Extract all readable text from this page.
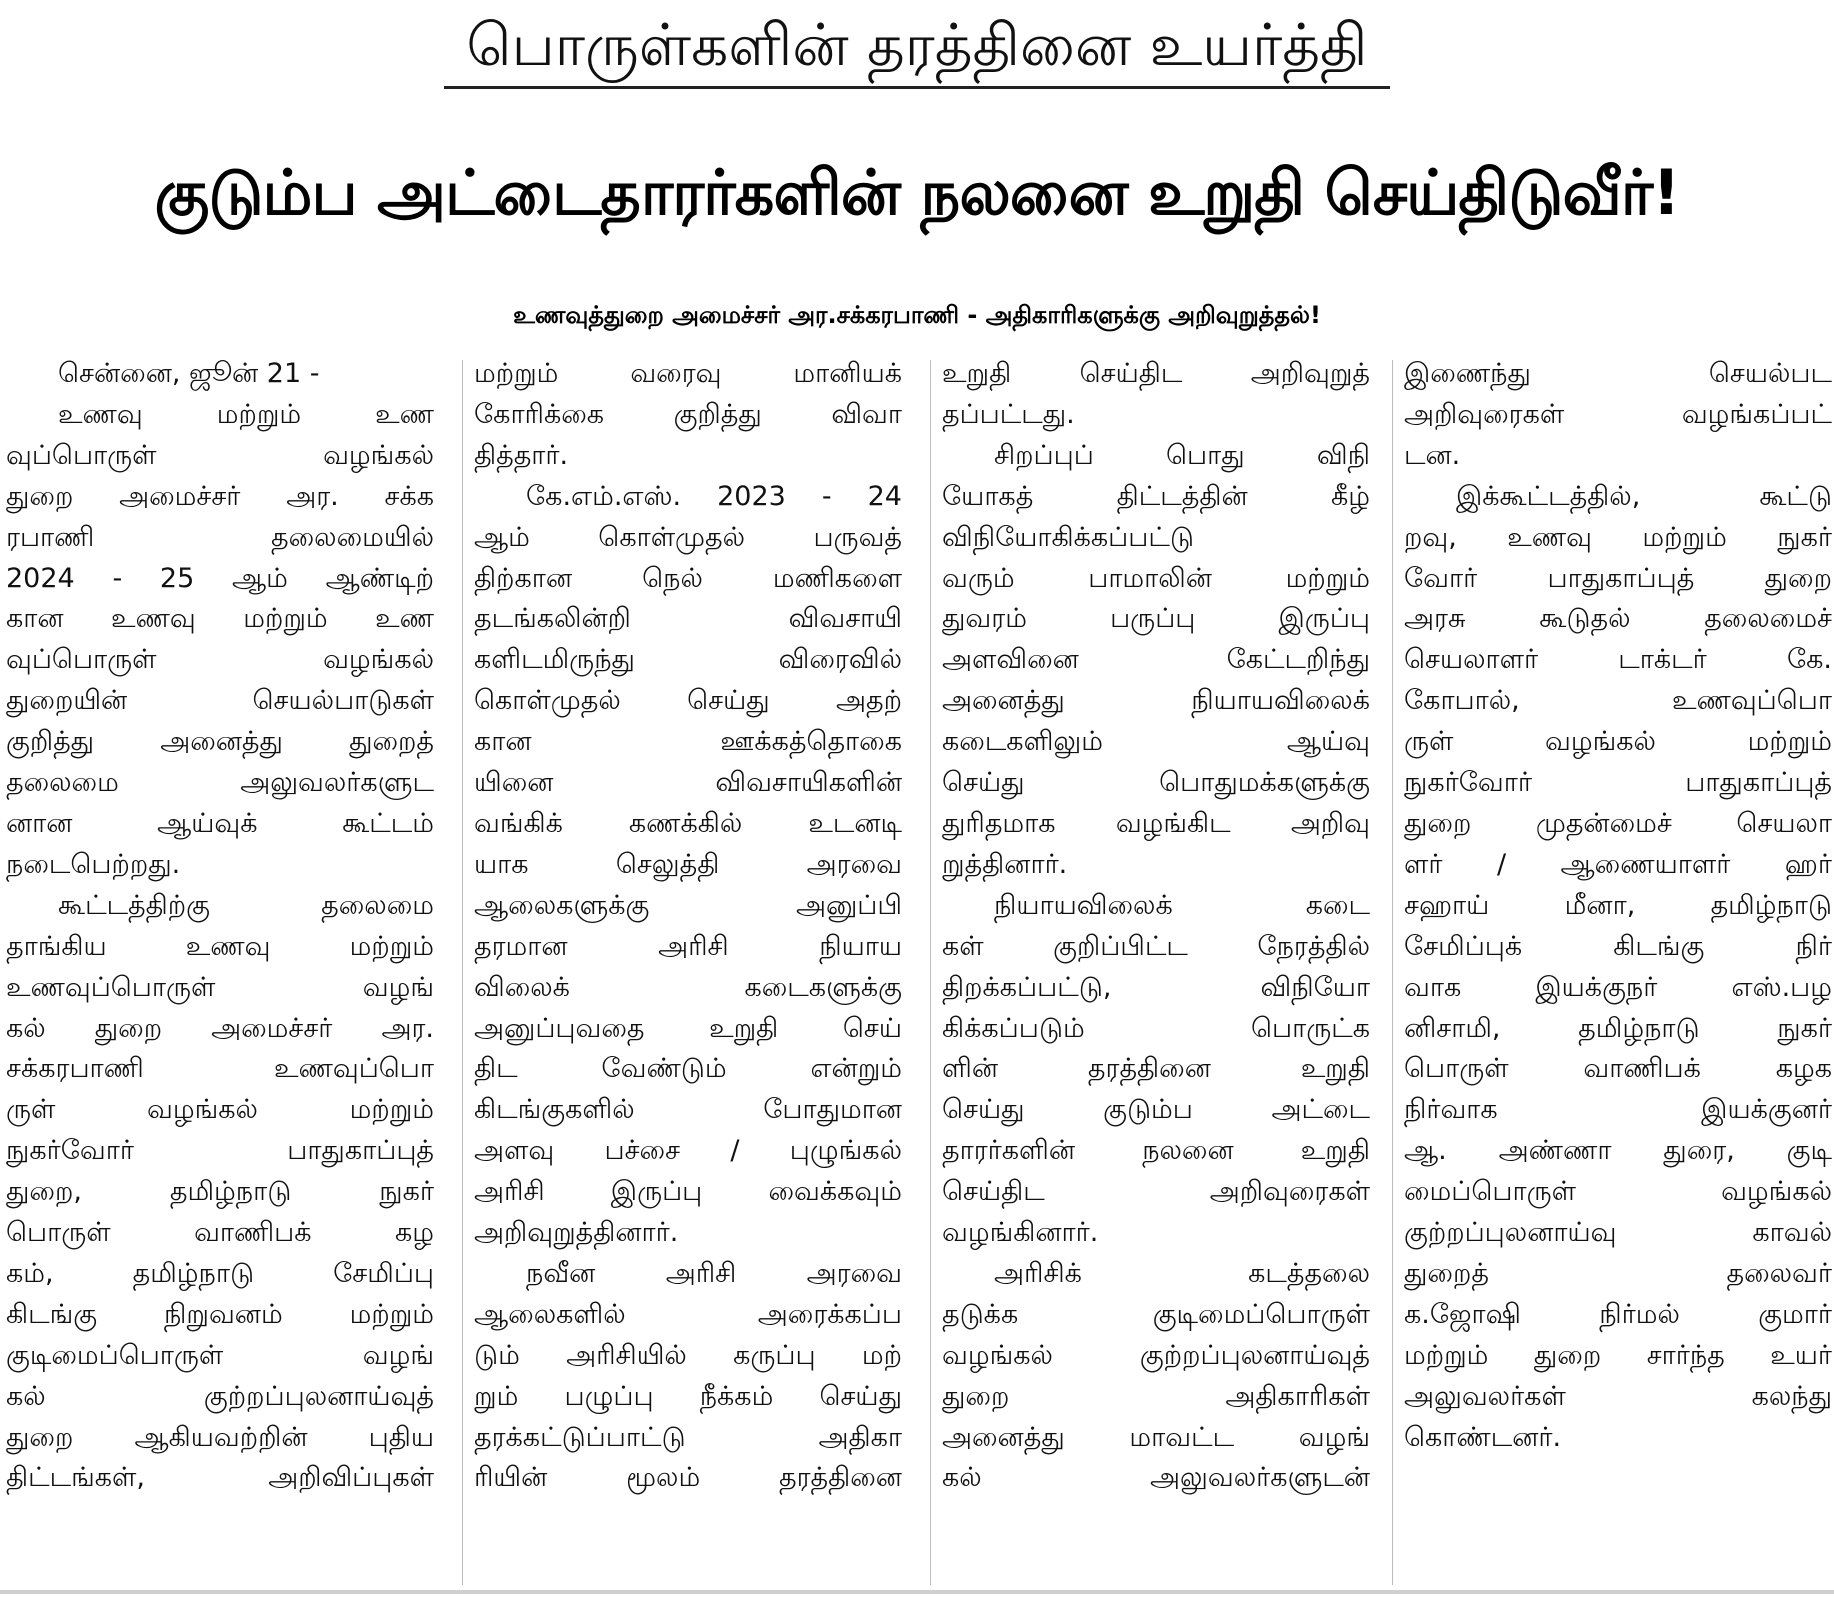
பொருள்களின் தரத்தினை உயர்த்தி
குடும்ப அட்டைதாரர்களின் நலனை உறுதி செய்திடுவீர்!
உணவுத்துறை அமைச்சர் அர.சக்கரபாணி - அதிகாரிகளுக்கு அறிவுறுத்தல்!

சென்னை, ஜூன் 21 -

உணவு மற்றும் உண

வுப்பொருள் வழங்கல்

துறை அமைச்சர் அர. சக்க

ரபாணி தலைமையில்

2024 - 25 ஆம் ஆண்டிற்

கான உணவு மற்றும் உண

வுப்பொருள் வழங்கல்

துறையின் செயல்பாடுகள்

குறித்து அனைத்து துறைத்

தலைமை அலுவலர்களுட

னான ஆய்வுக் கூட்டம்

நடைபெற்றது.

கூட்டத்திற்கு தலைமை

தாங்கிய உணவு மற்றும்

உணவுப்பொருள் வழங்

கல் துறை அமைச்சர் அர.

சக்கரபாணி உணவுப்பொ

ருள் வழங்கல் மற்றும்

நுகர்வோர் பாதுகாப்புத்

துறை, தமிழ்நாடு நுகர்

பொருள் வாணிபக் கழ

கம், தமிழ்நாடு சேமிப்பு

கிடங்கு நிறுவனம் மற்றும்

குடிமைப்பொருள் வழங்

கல் குற்றப்புலனாய்வுத்

துறை ஆகியவற்றின் புதிய

திட்டங்கள், அறிவிப்புகள்

மற்றும் வரைவு மானியக்

கோரிக்கை குறித்து விவா

தித்தார்.

கே.எம்.எஸ். 2023 - 24

ஆம் கொள்முதல் பருவத்

திற்கான நெல் மணிகளை

தடங்கலின்றி விவசாயி

களிடமிருந்து விரைவில்

கொள்முதல் செய்து அதற்

கான ஊக்கத்தொகை

யினை விவசாயிகளின்

வங்கிக் கணக்கில் உடனடி

யாக செலுத்தி அரவை

ஆலைகளுக்கு அனுப்பி

தரமான அரிசி நியாய

விலைக் கடைகளுக்கு

அனுப்புவதை உறுதி செய்

திட வேண்டும் என்றும்

கிடங்குகளில் போதுமான

அளவு பச்சை / புழுங்கல்

அரிசி இருப்பு வைக்கவும்

அறிவுறுத்தினார்.

நவீன அரிசி அரவை

ஆலைகளில் அரைக்கப்ப

டும் அரிசியில் கருப்பு மற்

றும் பழுப்பு நீக்கம் செய்து

தரக்கட்டுப்பாட்டு அதிகா

ரியின் மூலம் தரத்தினை

உறுதி செய்திட அறிவுறுத்

தப்பட்டது.

சிறப்புப் பொது விநி

யோகத் திட்டத்தின் கீழ்

விநியோகிக்கப்பட்டு

வரும் பாமாலின் மற்றும்

துவரம் பருப்பு இருப்பு

அளவினை கேட்டறிந்து

அனைத்து நியாயவிலைக்

கடைகளிலும் ஆய்வு

செய்து பொதுமக்களுக்கு

துரிதமாக வழங்கிட அறிவு

றுத்தினார்.

நியாயவிலைக் கடை

கள் குறிப்பிட்ட நேரத்தில்

திறக்கப்பட்டு, விநியோ

கிக்கப்படும் பொருட்க

ளின் தரத்தினை உறுதி

செய்து குடும்ப அட்டை

தாரர்களின் நலனை உறுதி

செய்திட அறிவுரைகள்

வழங்கினார்.

அரிசிக் கடத்தலை

தடுக்க குடிமைப்பொருள்

வழங்கல் குற்றப்புலனாய்வுத்

துறை அதிகாரிகள்

அனைத்து மாவட்ட வழங்

கல் அலுவலர்களுடன்

இணைந்து செயல்பட

அறிவுரைகள் வழங்கப்பட்

டன.

இக்கூட்டத்தில், கூட்டு

றவு, உணவு மற்றும் நுகர்

வோர் பாதுகாப்புத் துறை

அரசு கூடுதல் தலைமைச்

செயலாளர் டாக்டர் கே.

கோபால், உணவுப்பொ

ருள் வழங்கல் மற்றும்

நுகர்வோர் பாதுகாப்புத்

துறை முதன்மைச் செயலா

ளர் / ஆணையாளர் ஹர்

சஹாய் மீனா, தமிழ்நாடு

சேமிப்புக் கிடங்கு நிர்

வாக இயக்குநர் எஸ்.பழ

னிசாமி, தமிழ்நாடு நுகர்

பொருள் வாணிபக் கழக

நிர்வாக இயக்குனர்

ஆ. அண்ணா துரை, குடி

மைப்பொருள் வழங்கல்

குற்றப்புலனாய்வு காவல்

துறைத் தலைவர்

க.ஜோஷி நிர்மல் குமார்

மற்றும் துறை சார்ந்த உயர்

அலுவலர்கள் கலந்து

கொண்டனர்.
